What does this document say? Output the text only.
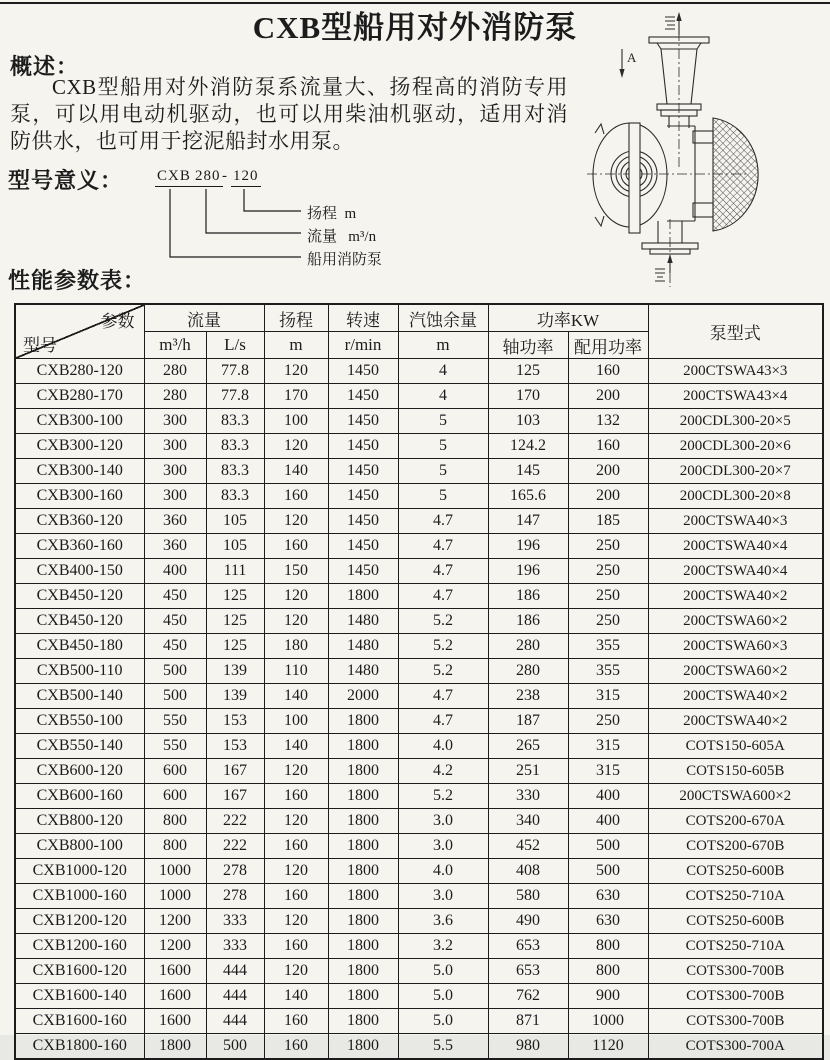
CXB型船用对外消防泵
A
概述：

CXB型船用对外消防泵系流量大、扬程高的消防专用泵，可以用电动机驱动，也可以用柴油机驱动，适用对消防供水，也可用于挖泥船封水用泵。

型号意义： CXB 280 - 120
扬程  m
流量   m³/n
船用消防泵
性能参数表：
参数
型号	流量		扬程	转速	汽蚀余量	功率KW		泵型式
	m³/h	L/s	m	r/min	m	轴功率	配用功率	
CXB280-120	280	77.8	120	1450	4	125	160	200CTSWA43×3
CXB280-170	280	77.8	170	1450	4	170	200	200CTSWA43×4
CXB300-100	300	83.3	100	1450	5	103	132	200CDL300-20×5
CXB300-120	300	83.3	120	1450	5	124.2	160	200CDL300-20×6
CXB300-140	300	83.3	140	1450	5	145	200	200CDL300-20×7
CXB300-160	300	83.3	160	1450	5	165.6	200	200CDL300-20×8
CXB360-120	360	105	120	1450	4.7	147	185	200CTSWA40×3
CXB360-160	360	105	160	1450	4.7	196	250	200CTSWA40×4
CXB400-150	400	111	150	1450	4.7	196	250	200CTSWA40×4
CXB450-120	450	125	120	1800	4.7	186	250	200CTSWA40×2
CXB450-120	450	125	120	1480	5.2	186	250	200CTSWA60×2
CXB450-180	450	125	180	1480	5.2	280	355	200CTSWA60×3
CXB500-110	500	139	110	1480	5.2	280	355	200CTSWA60×2
CXB500-140	500	139	140	2000	4.7	238	315	200CTSWA40×2
CXB550-100	550	153	100	1800	4.7	187	250	200CTSWA40×2
CXB550-140	550	153	140	1800	4.0	265	315	COTS150-605A
CXB600-120	600	167	120	1800	4.2	251	315	COTS150-605B
CXB600-160	600	167	160	1800	5.2	330	400	200CTSWA600×2
CXB800-120	800	222	120	1800	3.0	340	400	COTS200-670A
CXB800-100	800	222	160	1800	3.0	452	500	COTS200-670B
CXB1000-120	1000	278	120	1800	4.0	408	500	COTS250-600B
CXB1000-160	1000	278	160	1800	3.0	580	630	COTS250-710A
CXB1200-120	1200	333	120	1800	3.6	490	630	COTS250-600B
CXB1200-160	1200	333	160	1800	3.2	653	800	COTS250-710A
CXB1600-120	1600	444	120	1800	5.0	653	800	COTS300-700B
CXB1600-140	1600	444	140	1800	5.0	762	900	COTS300-700B
CXB1600-160	1600	444	160	1800	5.0	871	1000	COTS300-700B
CXB1800-160	1800	500	160	1800	5.5	980	1120	COTS300-700A
